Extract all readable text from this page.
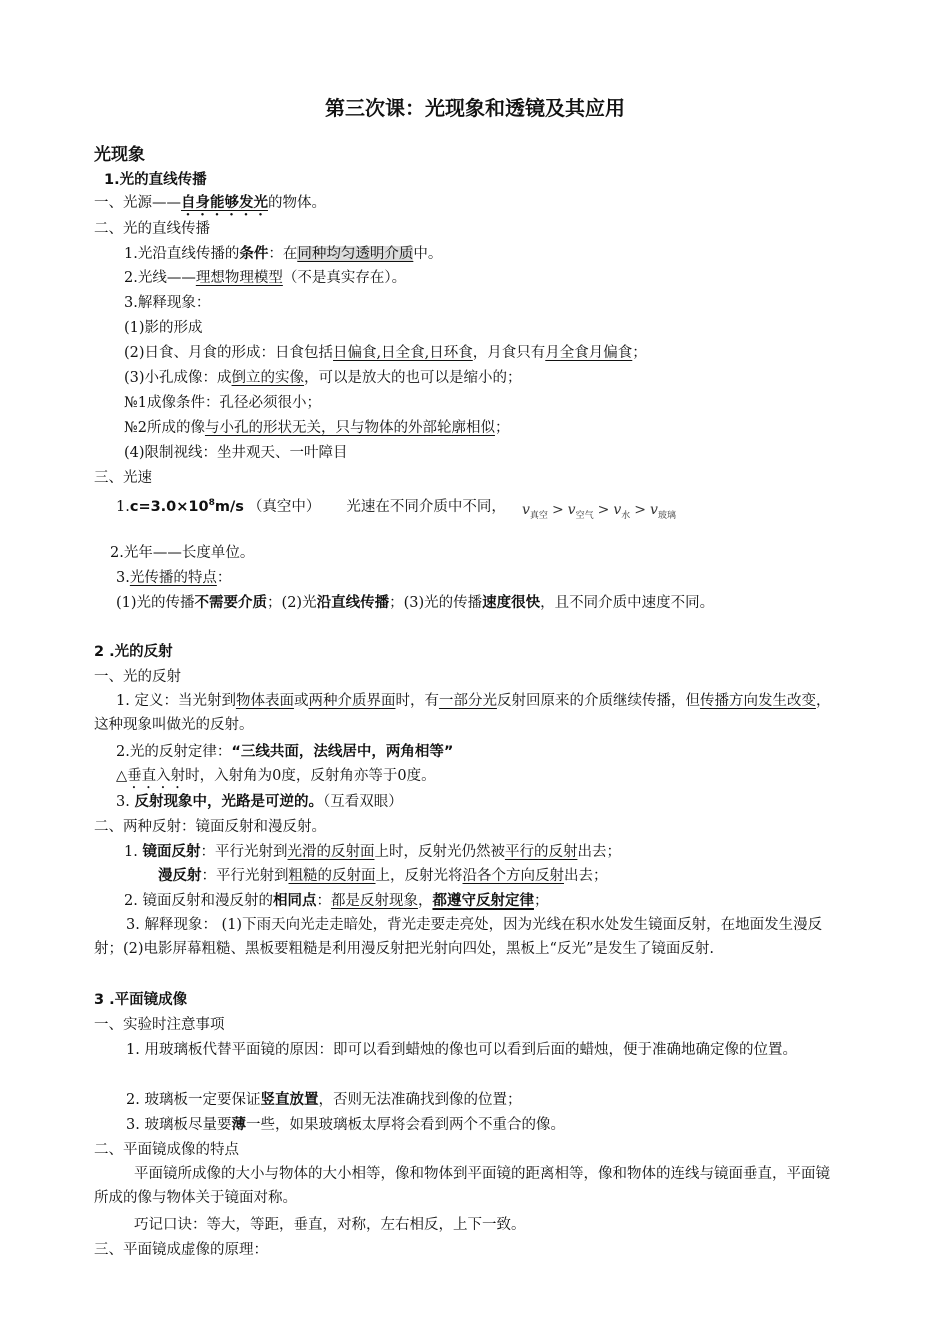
第三次课：光现象和透镜及其应用
光现象
1.光的直线传播
一、光源——自身能够发光的物体。
二、光的直线传播
1.光沿直线传播的条件：在同种均匀透明介质中。
2.光线——理想物理模型（不是真实存在）。
3.解释现象：
(1)影的形成
(2)日食、月食的形成：日食包括日偏食,日全食,日环食，月食只有月全食月偏食；
(3)小孔成像：成倒立的实像，可以是放大的也可以是缩小的；
№1成像条件：孔径必须很小；
№2所成的像与小孔的形状无关，只与物体的外部轮廓相似；
(4)限制视线：坐井观天、一叶障目
三、光速
$1.c=3.0\times 10^8m/s$ （真空中） 光速在不同介质中不同， $v_{真空} > v_{空气} > v_水 > v_{玻璃}$
2.光年——长度单位。
3.光传播的特点：
(1)光的传播不需要介质；(2)光沿直线传播；(3)光的传播速度很快，且不同介质中速度不同。
2 .光的反射
一、光的反射
1. 定义：当光射到物体表面或两种介质界面时，有一部分光反射回原来的介质继续传播，但传播方向发生改变，这种现象叫做光的反射。
2.光的反射定律：“三线共面，法线居中，两角相等”
△垂直入射时，入射角为0度，反射角亦等于0度。
3. 反射现象中，光路是可逆的。（互看双眼）
二、两种反射：镜面反射和漫反射。
1. 镜面反射：平行光射到光滑的反射面上时，反射光仍然被平行的反射出去；
漫反射：平行光射到粗糙的反射面上，反射光将沿各个方向反射出去；
2. 镜面反射和漫反射的相同点：都是反射现象，都遵守反射定律；
3. 解释现象： (1)下雨天向光走走暗处，背光走要走亮处，因为光线在积水处发生镜面反射，在地面发生漫反射；(2)电影屏幕粗糙、黑板要粗糙是利用漫反射把光射向四处，黑板上“反光”是发生了镜面反射.
3 .平面镜成像
一、实验时注意事项
1. 用玻璃板代替平面镜的原因：即可以看到蜡烛的像也可以看到后面的蜡烛，便于准确地确定像的位置。
2. 玻璃板一定要保证竖直放置，否则无法准确找到像的位置；
3. 玻璃板尽量要薄一些，如果玻璃板太厚将会看到两个不重合的像。
二、平面镜成像的特点
平面镜所成像的大小与物体的大小相等，像和物体到平面镜的距离相等，像和物体的连线与镜面垂直，平面镜所成的像与物体关于镜面对称。
巧记口诀：等大，等距，垂直，对称，左右相反，上下一致。
三、平面镜成虚像的原理：
